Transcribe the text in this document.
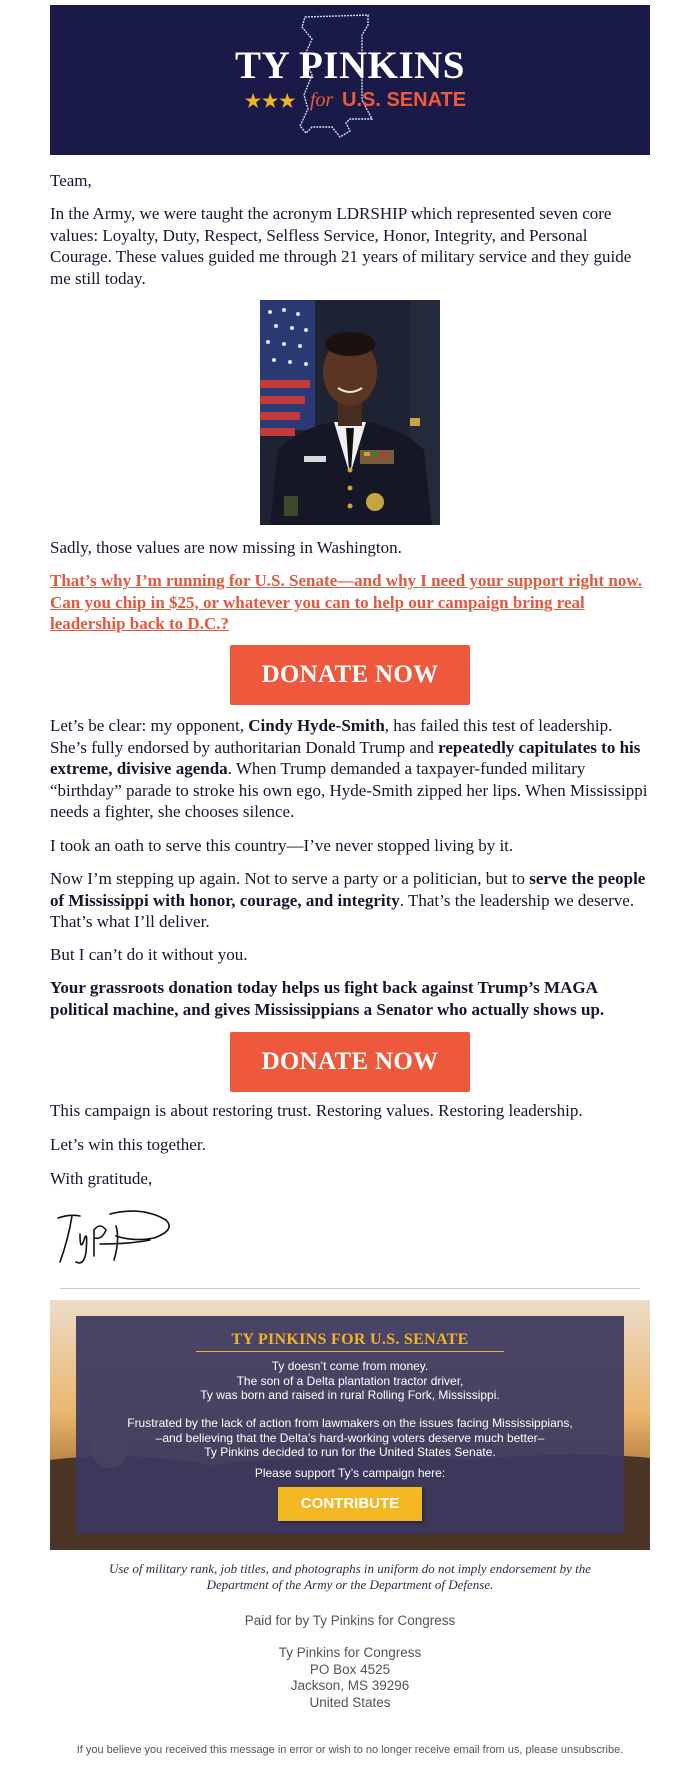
TY PINKINS
★★★ for U.S. SENATE

Team,

In the Army, we were taught the acronym LDRSHIP which represented seven core values: Loyalty, Duty, Respect, Selfless Service, Honor, Integrity, and Personal Courage. These values guided me through 21 years of military service and they guide me still today.

Sadly, those values are now missing in Washington.

That’s why I’m running for U.S. Senate—and why I need your support right now. Can you chip in $25, or whatever you can to help our campaign bring real leadership back to D.C.?
DONATE NOW

Let’s be clear: my opponent, Cindy Hyde-Smith, has failed this test of leadership. She’s fully endorsed by authoritarian Donald Trump and repeatedly capitulates to his extreme, divisive agenda. When Trump demanded a taxpayer-funded military “birthday” parade to stroke his own ego, Hyde-Smith zipped her lips. When Mississippi needs a fighter, she chooses silence.

I took an oath to serve this country—I’ve never stopped living by it.

Now I’m stepping up again. Not to serve a party or a politician, but to serve the people of Mississippi with honor, courage, and integrity. That’s the leadership we deserve. That’s what I’ll deliver.

But I can’t do it without you.

Your grassroots donation today helps us fight back against Trump’s MAGA political machine, and gives Mississippians a Senator who actually shows up.

DONATE NOW

This campaign is about restoring trust. Restoring values. Restoring leadership.

Let’s win this together.

With gratitude,

TY PINKINS FOR U.S. SENATE
Ty doesn’t come from money.
The son of a Delta plantation tractor driver,
Ty was born and raised in rural Rolling Fork, Mississippi.
Frustrated by the lack of action from lawmakers on the issues facing Mississippians,
–and believing that the Delta’s hard-working voters deserve much better–
Ty Pinkins decided to run for the United States Senate.
Please support Ty’s campaign here:
CONTRIBUTE
Use of military rank, job titles, and photographs in uniform do not imply endorsement by the Department of the Army or the Department of Defense.
Paid for by Ty Pinkins for Congress
Ty Pinkins for Congress
PO Box 4525
Jackson, MS 39296
United States
If you believe you received this message in error or wish to no longer receive email from us, please unsubscribe.
